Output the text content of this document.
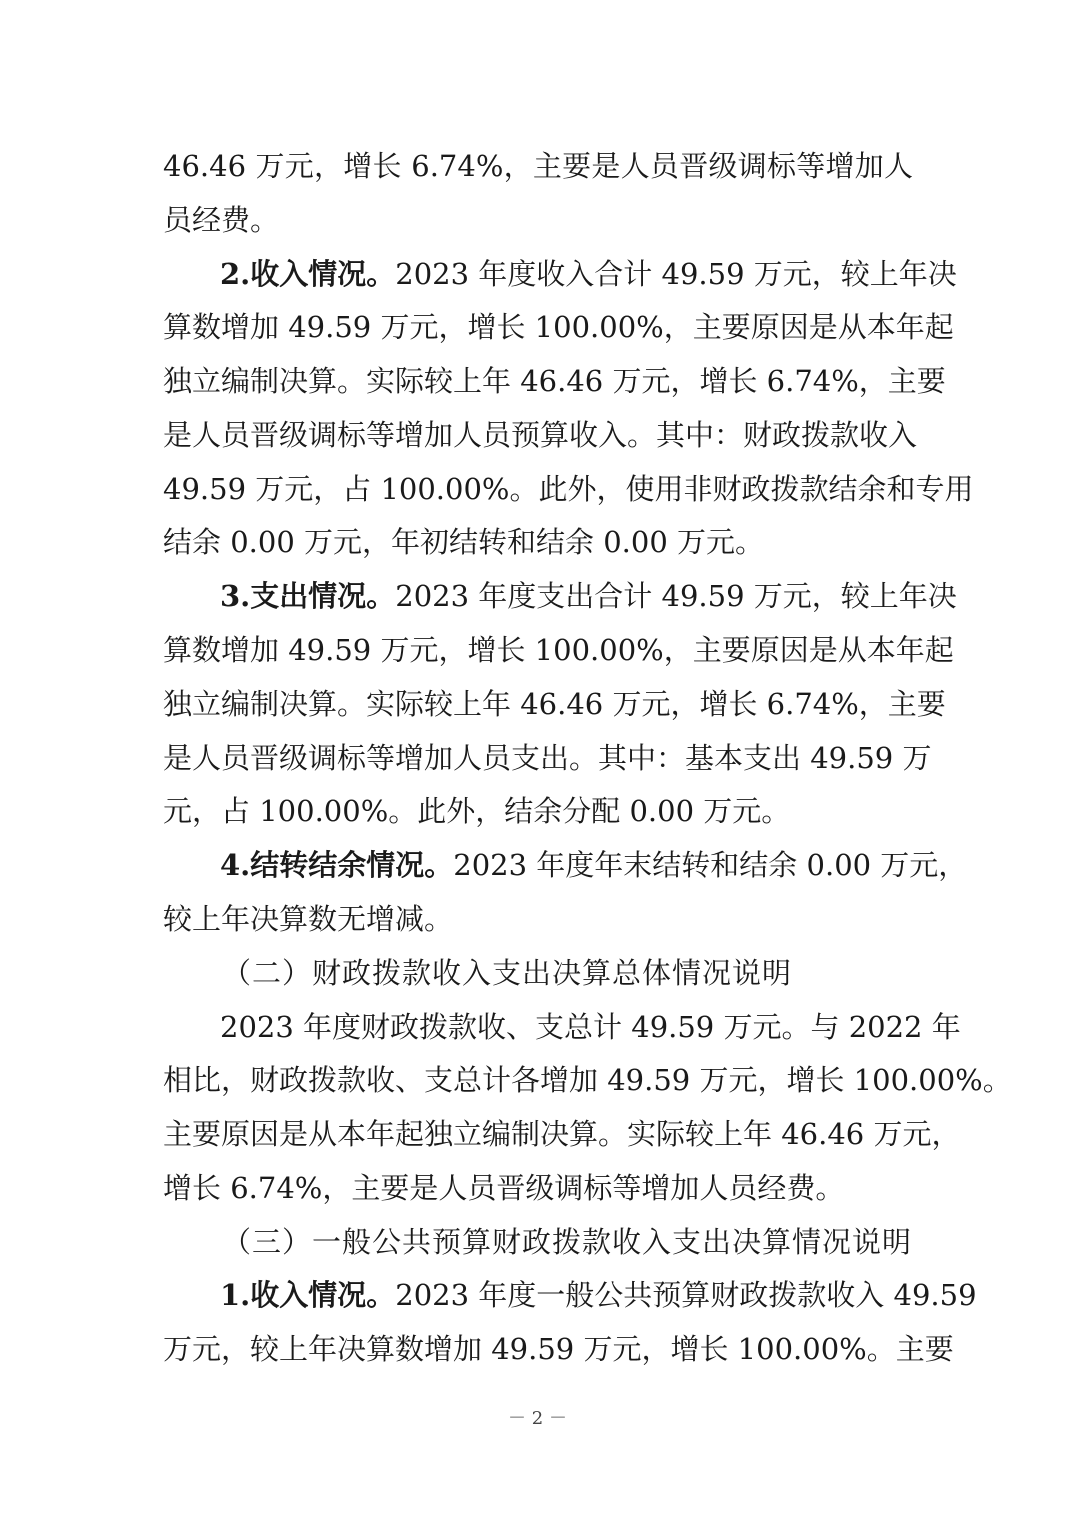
46.46 万元，增长 6.74%，主要是人员晋级调标等增加人
员经费。
2.收入情况。2023 年度收入合计 49.59 万元，较上年决
算数增加 49.59 万元，增长 100.00%，主要原因是从本年起
独立编制决算。实际较上年 46.46 万元，增长 6.74%，主要
是人员晋级调标等增加人员预算收入。其中：财政拨款收入
49.59 万元，占 100.00%。此外，使用非财政拨款结余和专用
结余 0.00 万元，年初结转和结余 0.00 万元。
3.支出情况。2023 年度支出合计 49.59 万元，较上年决
算数增加 49.59 万元，增长 100.00%，主要原因是从本年起
独立编制决算。实际较上年 46.46 万元，增长 6.74%，主要
是人员晋级调标等增加人员支出。其中：基本支出 49.59 万
元，占 100.00%。此外，结余分配 0.00 万元。
4.结转结余情况。2023 年度年末结转和结余 0.00 万元，
较上年决算数无增减。
（二）财政拨款收入支出决算总体情况说明
2023 年度财政拨款收、支总计 49.59 万元。与 2022 年
相比，财政拨款收、支总计各增加 49.59 万元，增长 100.00%。
主要原因是从本年起独立编制决算。实际较上年 46.46 万元，
增长 6.74%，主要是人员晋级调标等增加人员经费。
（三）一般公共预算财政拨款收入支出决算情况说明
1.收入情况。2023 年度一般公共预算财政拨款收入 49.59
万元，较上年决算数增加 49.59 万元，增长 100.00%。主要
－ 2 －
